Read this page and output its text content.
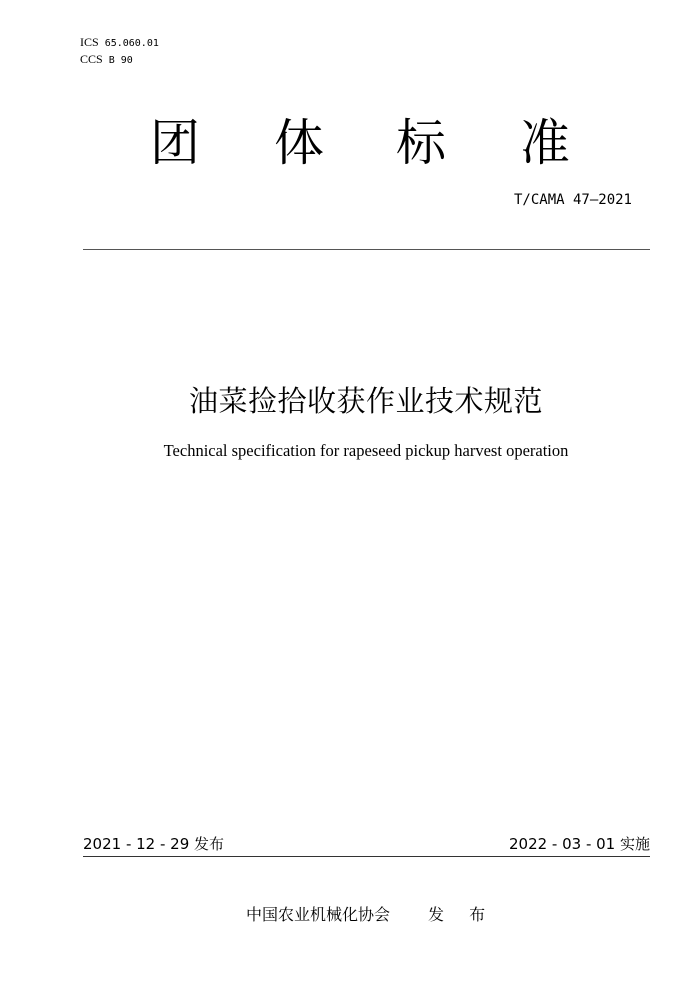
ICS 65.060.01
CCS B 90
团	体	标	准
T/CAMA 47—2021
油菜捡拾收获作业技术规范
Technical specification for rapeseed pickup harvest operation
2021 - 12 - 29 发布	2022 - 03 - 01 实施
中国农业机械化协会 发 布
